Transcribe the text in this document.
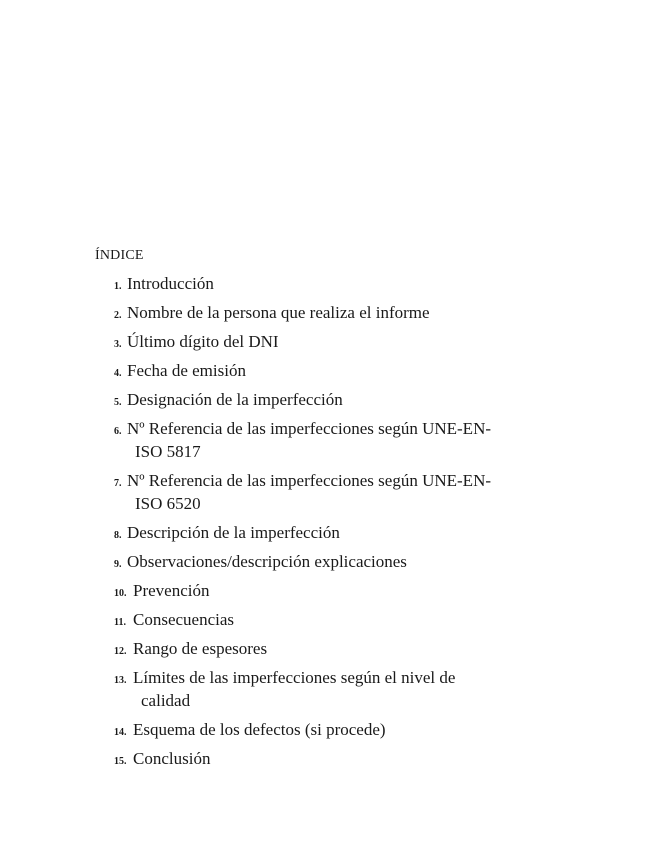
ÍNDICE
1. Introducción
2. Nombre de la persona que realiza el informe
3. Último dígito del DNI
4. Fecha de emisión
5. Designación de la imperfección
6. Nº Referencia de las imperfecciones según UNE-EN-
ISO 5817
7. Nº Referencia de las imperfecciones según UNE-EN-
ISO 6520
8. Descripción de la imperfección
9. Observaciones/descripción explicaciones
10. Prevención
11. Consecuencias
12. Rango de espesores
13. Límites de las imperfecciones según el nivel de
calidad
14. Esquema de los defectos (si procede)
15. Conclusión
